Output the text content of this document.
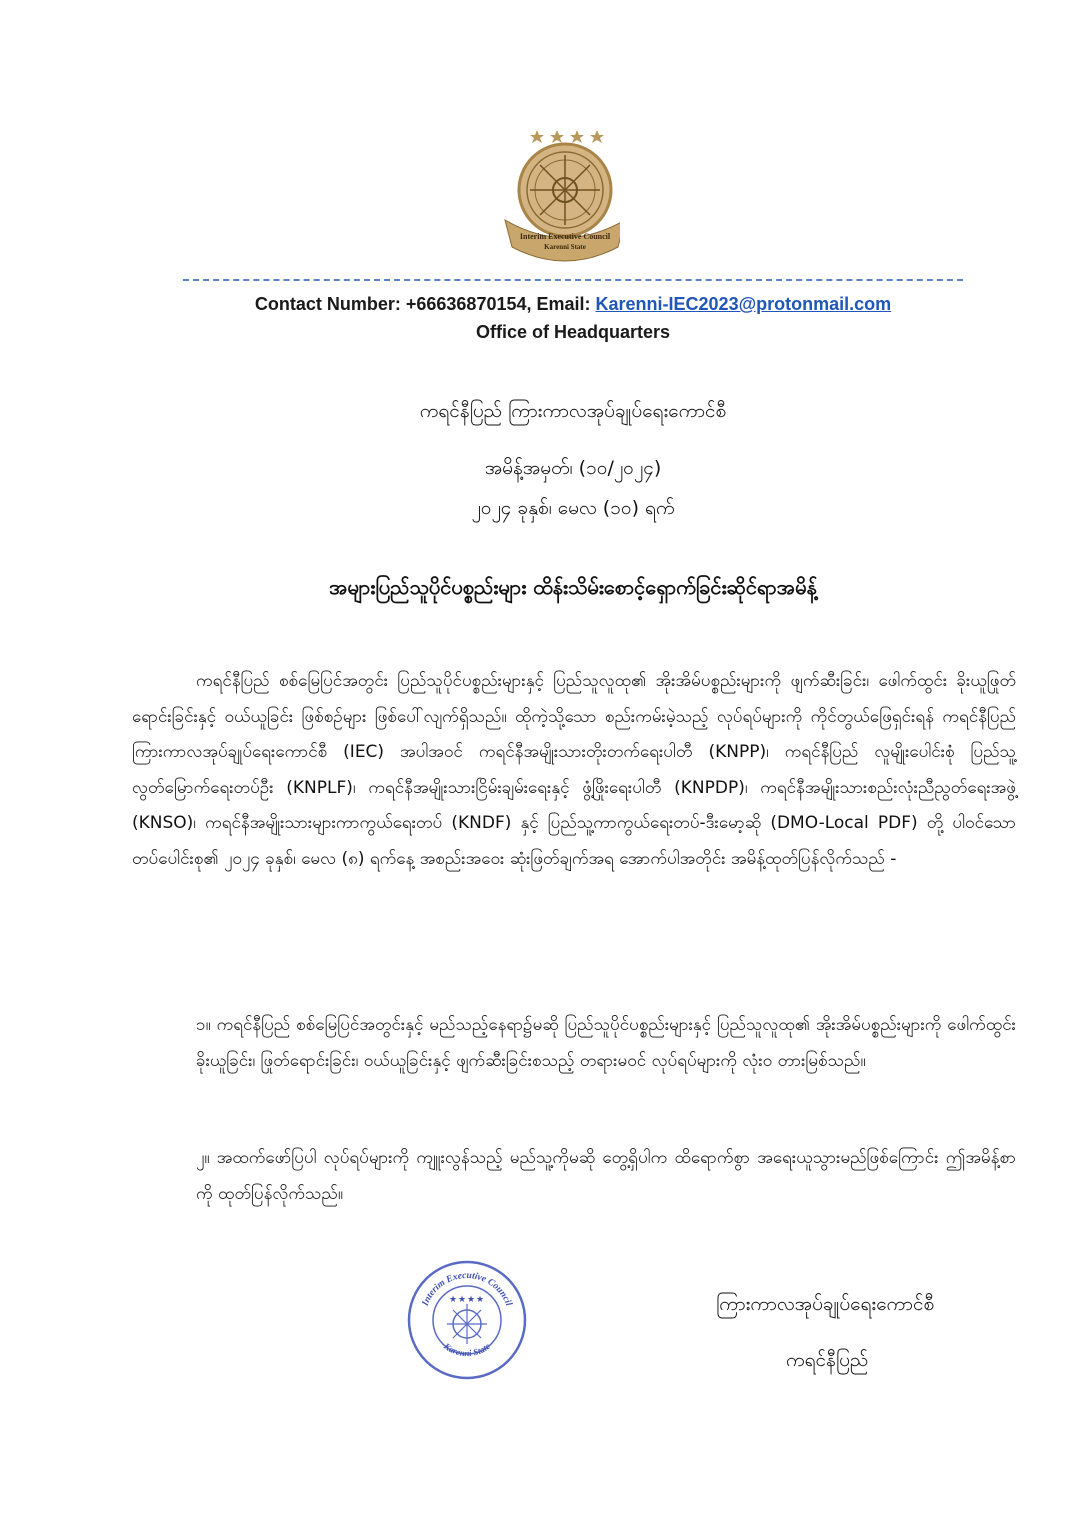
Interim Executive Council
Karenni State
Contact Number: +66636870154, Email: Karenni-IEC2023@protonmail.com
Office of Headquarters
ကရင်နီပြည် ကြားကာလအုပ်ချုပ်ရေးကောင်စီ
အမိန့်အမှတ်၊ (၁၀/၂၀၂၄)
၂၀၂၄ ခုနှစ်၊ မေလ (၁၀) ရက်
အများပြည်သူပိုင်ပစ္စည်းများ ထိန်းသိမ်းစောင့်ရှောက်ခြင်းဆိုင်ရာအမိန့်

ကရင်နီပြည် စစ်မြေပြင်အတွင်း ပြည်သူပိုင်ပစ္စည်းများနှင့် ပြည်သူလူထု၏ အိုးအိမ်ပစ္စည်းများကို ဖျက်ဆီးခြင်း၊ ဖေါက်ထွင်း ခိုးယူဖြုတ်ရောင်းခြင်းနှင့် ဝယ်ယူခြင်း ဖြစ်စဉ်များ ဖြစ်ပေါ်လျက်ရှိသည်။ ထိုကဲ့သို့သော စည်းကမ်းမဲ့သည့် လုပ်ရပ်များကို ကိုင်တွယ်ဖြေရှင်းရန် ကရင်နီပြည် ကြားကာလအုပ်ချုပ်ရေးကောင်စီ (IEC) အပါအဝင် ကရင်နီအမျိုးသားတိုးတက်ရေးပါတီ (KNPP)၊ ကရင်နီပြည် လူမျိုးပေါင်းစုံ ပြည်သူ့လွတ်မြောက်ရေးတပ်ဦး (KNPLF)၊ ကရင်နီအမျိုးသားငြိမ်းချမ်းရေးနှင့် ဖွံ့ဖြိုးရေးပါတီ (KNPDP)၊ ကရင်နီအမျိုးသားစည်းလုံးညီညွတ်ရေးအဖွဲ့ (KNSO)၊ ကရင်နီအမျိုးသားများကာကွယ်ရေးတပ် (KNDF) နှင့် ပြည်သူ့ကာကွယ်ရေးတပ်-ဒီးမော့ဆို (DMO-Local PDF) တို့ ပါဝင်သော တပ်ပေါင်းစု၏ ၂၀၂၄ ခုနှစ်၊ မေလ (၈) ရက်နေ့ အစည်းအဝေး ဆုံးဖြတ်ချက်အရ အောက်ပါအတိုင်း အမိန့်ထုတ်ပြန်လိုက်သည် -

၁။ ကရင်နီပြည် စစ်မြေပြင်အတွင်းနှင့် မည်သည့်နေရာ၌မဆို ပြည်သူပိုင်ပစ္စည်းများနှင့် ပြည်သူလူထု၏ အိုးအိမ်ပစ္စည်းများကို ဖေါက်ထွင်း ခိုးယူခြင်း၊ ဖြုတ်ရောင်းခြင်း၊ ဝယ်ယူခြင်းနှင့် ဖျက်ဆီးခြင်းစသည့် တရားမဝင် လုပ်ရပ်များကို လုံးဝ တားမြစ်သည်။

၂။ အထက်ဖော်ပြပါ လုပ်ရပ်များကို ကျူးလွန်သည့် မည်သူ့ကိုမဆို တွေ့ရှိပါက ထိရောက်စွာ အရေးယူသွားမည်ဖြစ်ကြောင်း ဤအမိန့်စာကို ထုတ်ပြန်လိုက်သည်။

★ ★ ★ ★
Interim Executive Council
Karenni State
ကြားကာလအုပ်ချုပ်ရေးကောင်စီ
ကရင်နီပြည်
